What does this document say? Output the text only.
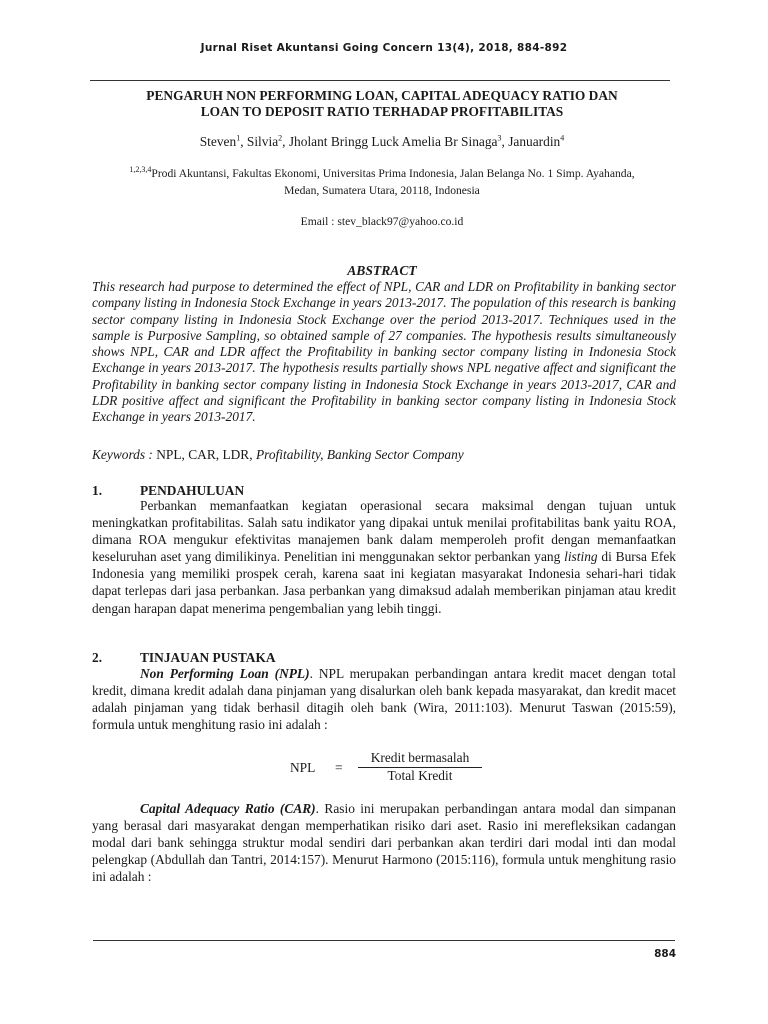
Jurnal Riset Akuntansi Going Concern 13(4), 2018, 884-892
PENGARUH NON PERFORMING LOAN, CAPITAL ADEQUACY RATIO DAN
LOAN TO DEPOSIT RATIO TERHADAP PROFITABILITAS
Steven$^1$, Silvia$^2$, Jholant Bringg Luck Amelia Br Sinaga$^3$, Januardin$^4$
$^{1,2,3,4}$Prodi Akuntansi, Fakultas Ekonomi, Universitas Prima Indonesia, Jalan Belanga No. 1 Simp. Ayahanda,
Medan, Sumatera Utara, 20118, Indonesia
Email : stev_black97@yahoo.co.id
ABSTRACT
This research had purpose to determined the effect of NPL, CAR and LDR on Profitability in banking sector company listing in Indonesia Stock Exchange in years 2013-2017. The population of this research is banking sector company listing in Indonesia Stock Exchange over the period 2013-2017. Techniques used in the sample is Purposive Sampling, so obtained sample of 27 companies. The hypothesis results simultaneously shows NPL, CAR and LDR affect the Profitability in banking sector company listing in Indonesia Stock Exchange in years 2013-2017. The hypothesis results partially shows NPL negative affect and significant the Profitability in banking sector company listing in Indonesia Stock Exchange in years 2013-2017, CAR and LDR positive affect and significant the Profitability in banking sector company listing in Indonesia Stock Exchange in years 2013-2017.
Keywords : NPL, CAR, LDR, Profitability, Banking Sector Company
1.	PENDAHULUAN
Perbankan memanfaatkan kegiatan operasional secara maksimal dengan tujuan untuk meningkatkan profitabilitas. Salah satu indikator yang dipakai untuk menilai profitabilitas bank yaitu ROA, dimana ROA mengukur efektivitas manajemen bank dalam memperoleh profit dengan memanfaatkan keseluruhan aset yang dimilikinya. Penelitian ini menggunakan sektor perbankan yang listing di Bursa Efek Indonesia yang memiliki prospek cerah, karena saat ini kegiatan masyarakat Indonesia sehari-hari tidak dapat terlepas dari jasa perbankan. Jasa perbankan yang dimaksud adalah memberikan pinjaman atau kredit dengan harapan dapat menerima pengembalian yang lebih tinggi.
2.	TINJAUAN PUSTAKA
Non Performing Loan (NPL). NPL merupakan perbandingan antara kredit macet dengan total kredit, dimana kredit adalah dana pinjaman yang disalurkan oleh bank kepada masyarakat, dan kredit macet adalah pinjaman yang tidak berhasil ditagih oleh bank (Wira, 2011:103). Menurut Taswan (2015:59), formula untuk menghitung rasio ini adalah :
NPL =
Kredit bermasalah
Total Kredit
Capital Adequacy Ratio (CAR). Rasio ini merupakan perbandingan antara modal dan simpanan yang berasal dari masyarakat dengan memperhatikan risiko dari aset. Rasio ini merefleksikan cadangan modal dari bank sehingga struktur modal sendiri dari perbankan akan terdiri dari modal inti dan modal pelengkap (Abdullah dan Tantri, 2014:157). Menurut Harmono (2015:116), formula untuk menghitung rasio ini adalah :
884
